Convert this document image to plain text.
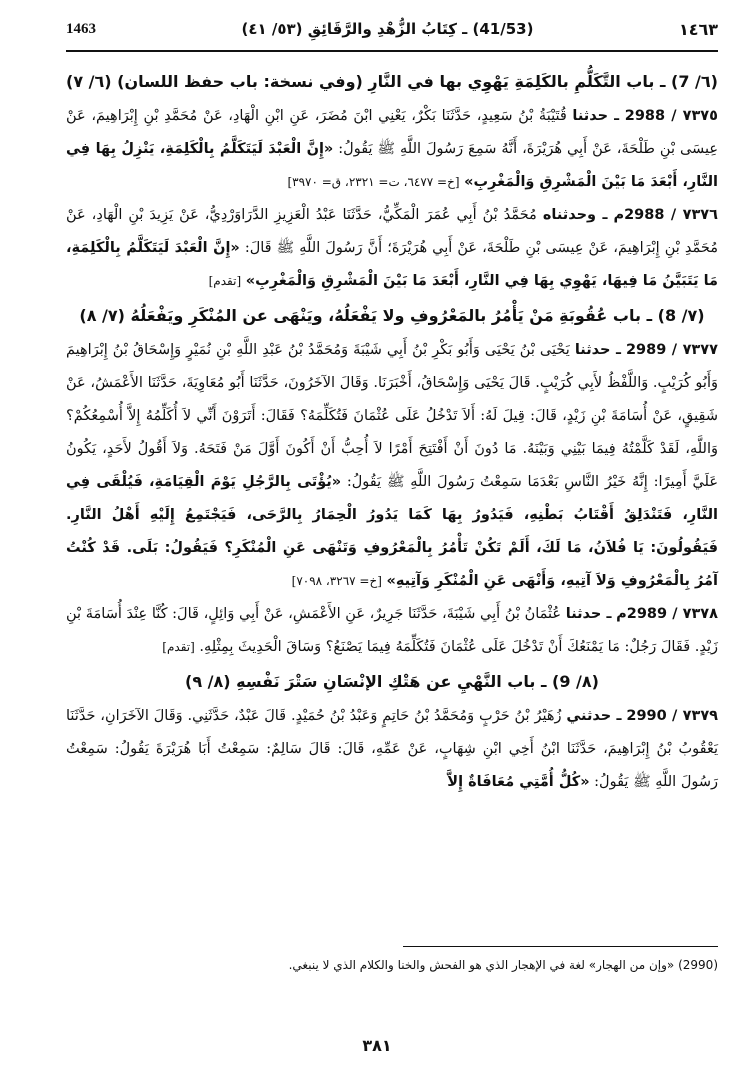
1463	(41/53) ـ كِتَابُ الزُّهْدِ والرَّقَائِقِ (٥٣/ ٤١)	١٤٦٣

(٦/ 7) ـ باب التَّكَلُّمِ بالكَلِمَةِ يَهْوِي بها في النَّارِ (وفي نسخة: باب حفظ اللسان) (٦/ ٧)

٧٣٧٥ / 2988 ـ حدثنا قُتَيْبَةُ بْنُ سَعِيدٍ، حَدَّثَنَا بَكْرٌ، يَعْنِي ابْنَ مُضَرَ، عَنِ ابْنِ الْهَادِ، عَنْ مُحَمَّدِ بْنِ إِبْرَاهِيمَ، عَنْ عِيسَى بْنِ طَلْحَةَ، عَنْ أَبِي هُرَيْرَةَ، أَنَّهُ سَمِعَ رَسُولَ اللَّهِ ﷺ يَقُولُ: «إِنَّ الْعَبْدَ لَيَتَكَلَّمُ بِالْكَلِمَةِ، يَنْزِلُ بِهَا فِي النَّارِ، أَبْعَدَ مَا بَيْنَ الْمَشْرِقِ وَالْمَغْرِبِ» [خ= ٦٤٧٧، ت= ٢٣٢١، ق= ٣٩٧٠]

٧٣٧٦ / 2988م ـ وحدثناه مُحَمَّدُ بْنُ أَبِي عُمَرَ الْمَكِّيُّ، حَدَّثَنَا عَبْدُ الْعَزِيزِ الدَّرَاوَرْدِيُّ، عَنْ يَزِيدَ بْنِ الْهَادِ، عَنْ مُحَمَّدِ بْنِ إِبْرَاهِيمَ، عَنْ عِيسَى بْنِ طَلْحَةَ، عَنْ أَبِي هُرَيْرَةَ؛ أَنَّ رَسُولَ اللَّهِ ﷺ قَالَ: «إِنَّ الْعَبْدَ لَيَتَكَلَّمُ بِالْكَلِمَةِ، مَا يَتَبَيَّنُ مَا فِيهَا، يَهْوِي بِهَا فِي النَّارِ، أَبْعَدَ مَا بَيْنَ الْمَشْرِقِ وَالْمَغْرِبِ» [تقدم]

(٧/ 8) ـ باب عُقُوبَةِ مَنْ يَأْمُرُ بالمَعْرُوفِ ولا يَفْعَلُهُ، ويَنْهَى عن المُنْكَرِ ويَفْعَلُهُ (٧/ ٨)

٧٣٧٧ / 2989 ـ حدثنا يَحْيَى بْنُ يَحْيَى وَأَبُو بَكْرِ بْنُ أَبِي شَيْبَةَ وَمُحَمَّدُ بْنُ عَبْدِ اللَّهِ بْنِ نُمَيْرٍ وَإِسْحَاقُ بْنُ إِبْرَاهِيمَ وَأَبُو كُرَيْبٍ. وَاللَّفْظُ لأَبِي كُرَيْبٍ. قَالَ يَحْيَى وَإِسْحَاقُ، أَخْبَرَنَا. وَقَالَ الآخَرُونَ، حَدَّثَنَا أَبُو مُعَاوِيَةَ، حَدَّثَنَا الأَعْمَشُ، عَنْ شَقِيقٍ، عَنْ أُسَامَةَ بْنِ زَيْدٍ، قَالَ: قِيلَ لَهُ: أَلاَ تَدْخُلُ عَلَى عُثْمَانَ فَتُكَلِّمَهُ؟ فَقَالَ: أَتَرَوْنَ أَنِّي لاَ أُكَلِّمُهُ إِلاَّ أُسْمِعُكُمْ؟ وَاللَّهِ، لَقَدْ كَلَّمْتُهُ فِيمَا بَيْنِي وَبَيْنَهُ. مَا دُونَ أَنْ أَفْتَتِحَ أَمْرًا لاَ أُحِبُّ أَنْ أَكُونَ أَوَّلَ مَنْ فَتَحَهُ. وَلاَ أَقُولُ لأَحَدٍ، يَكُونُ عَلَيَّ أَمِيرًا: إِنَّهُ خَيْرُ النَّاسِ بَعْدَمَا سَمِعْتُ رَسُولَ اللَّهِ ﷺ يَقُولُ: «يُؤْتَى بِالرَّجُلِ يَوْمَ الْقِيَامَةِ، فَيُلْقَى فِي النَّارِ، فَتَنْدَلِقُ أَقْتَابُ بَطْنِهِ، فَيَدُورُ بِهَا كَمَا يَدُورُ الْحِمَارُ بِالرَّحَى، فَيَجْتَمِعُ إِلَيْهِ أَهْلُ النَّارِ. فَيَقُولُونَ: يَا فُلاَنُ، مَا لَكَ، أَلَمْ تَكُنْ تَأْمُرُ بِالْمَعْرُوفِ وَتَنْهَى عَنِ الْمُنْكَرِ؟ فَيَقُولُ: بَلَى. قَدْ كُنْتُ آمُرُ بِالْمَعْرُوفِ وَلاَ آتِيهِ، وَأَنْهَى عَنِ الْمُنْكَرِ وَآتِيهِ» [خ= ٣٢٦٧، ٧٠٩٨]

٧٣٧٨ / 2989م ـ حدثنا عُثْمَانُ بْنُ أَبِي شَيْبَةَ، حَدَّثَنَا جَرِيرٌ، عَنِ الأَعْمَشِ، عَنْ أَبِي وَائِلٍ، قَالَ: كُنَّا عِنْدَ أُسَامَةَ بْنِ زَيْدٍ. فَقَالَ رَجُلٌ: مَا يَمْنَعُكَ أَنْ تَدْخُلَ عَلَى عُثْمَانَ فَتُكَلِّمَهُ فِيمَا يَصْنَعُ؟ وَسَاقَ الْحَدِيثَ بِمِثْلِهِ. [تقدم]

(٨/ 9) ـ باب النَّهْيِ عن هَتْكِ الإنْسَانِ سَتْرَ نَفْسِهِ (٨/ ٩)

٧٣٧٩ / 2990 ـ حدثني زُهَيْرُ بْنُ حَرْبٍ وَمُحَمَّدُ بْنُ حَاتِمٍ وَعَبْدُ بْنُ حُمَيْدٍ. قَالَ عَبْدٌ، حَدَّثَنِي. وَقَالَ الآخَرَانِ، حَدَّثَنَا يَعْقُوبُ بْنُ إِبْرَاهِيمَ، حَدَّثَنَا ابْنُ أَخِي ابْنِ شِهَابٍ، عَنْ عَمِّهِ، قَالَ: قَالَ سَالِمٌ: سَمِعْتُ أَبَا هُرَيْرَةَ يَقُولُ: سَمِعْتُ رَسُولَ اللَّهِ ﷺ يَقُولُ: «كُلُّ أُمَّتِي مُعَافَاةٌ إِلاَّ

(2990) «وإن من الهجار» لغة في الإهجار الذي هو الفحش والخنا والكلام الذي لا ينبغي.
٣٨١
